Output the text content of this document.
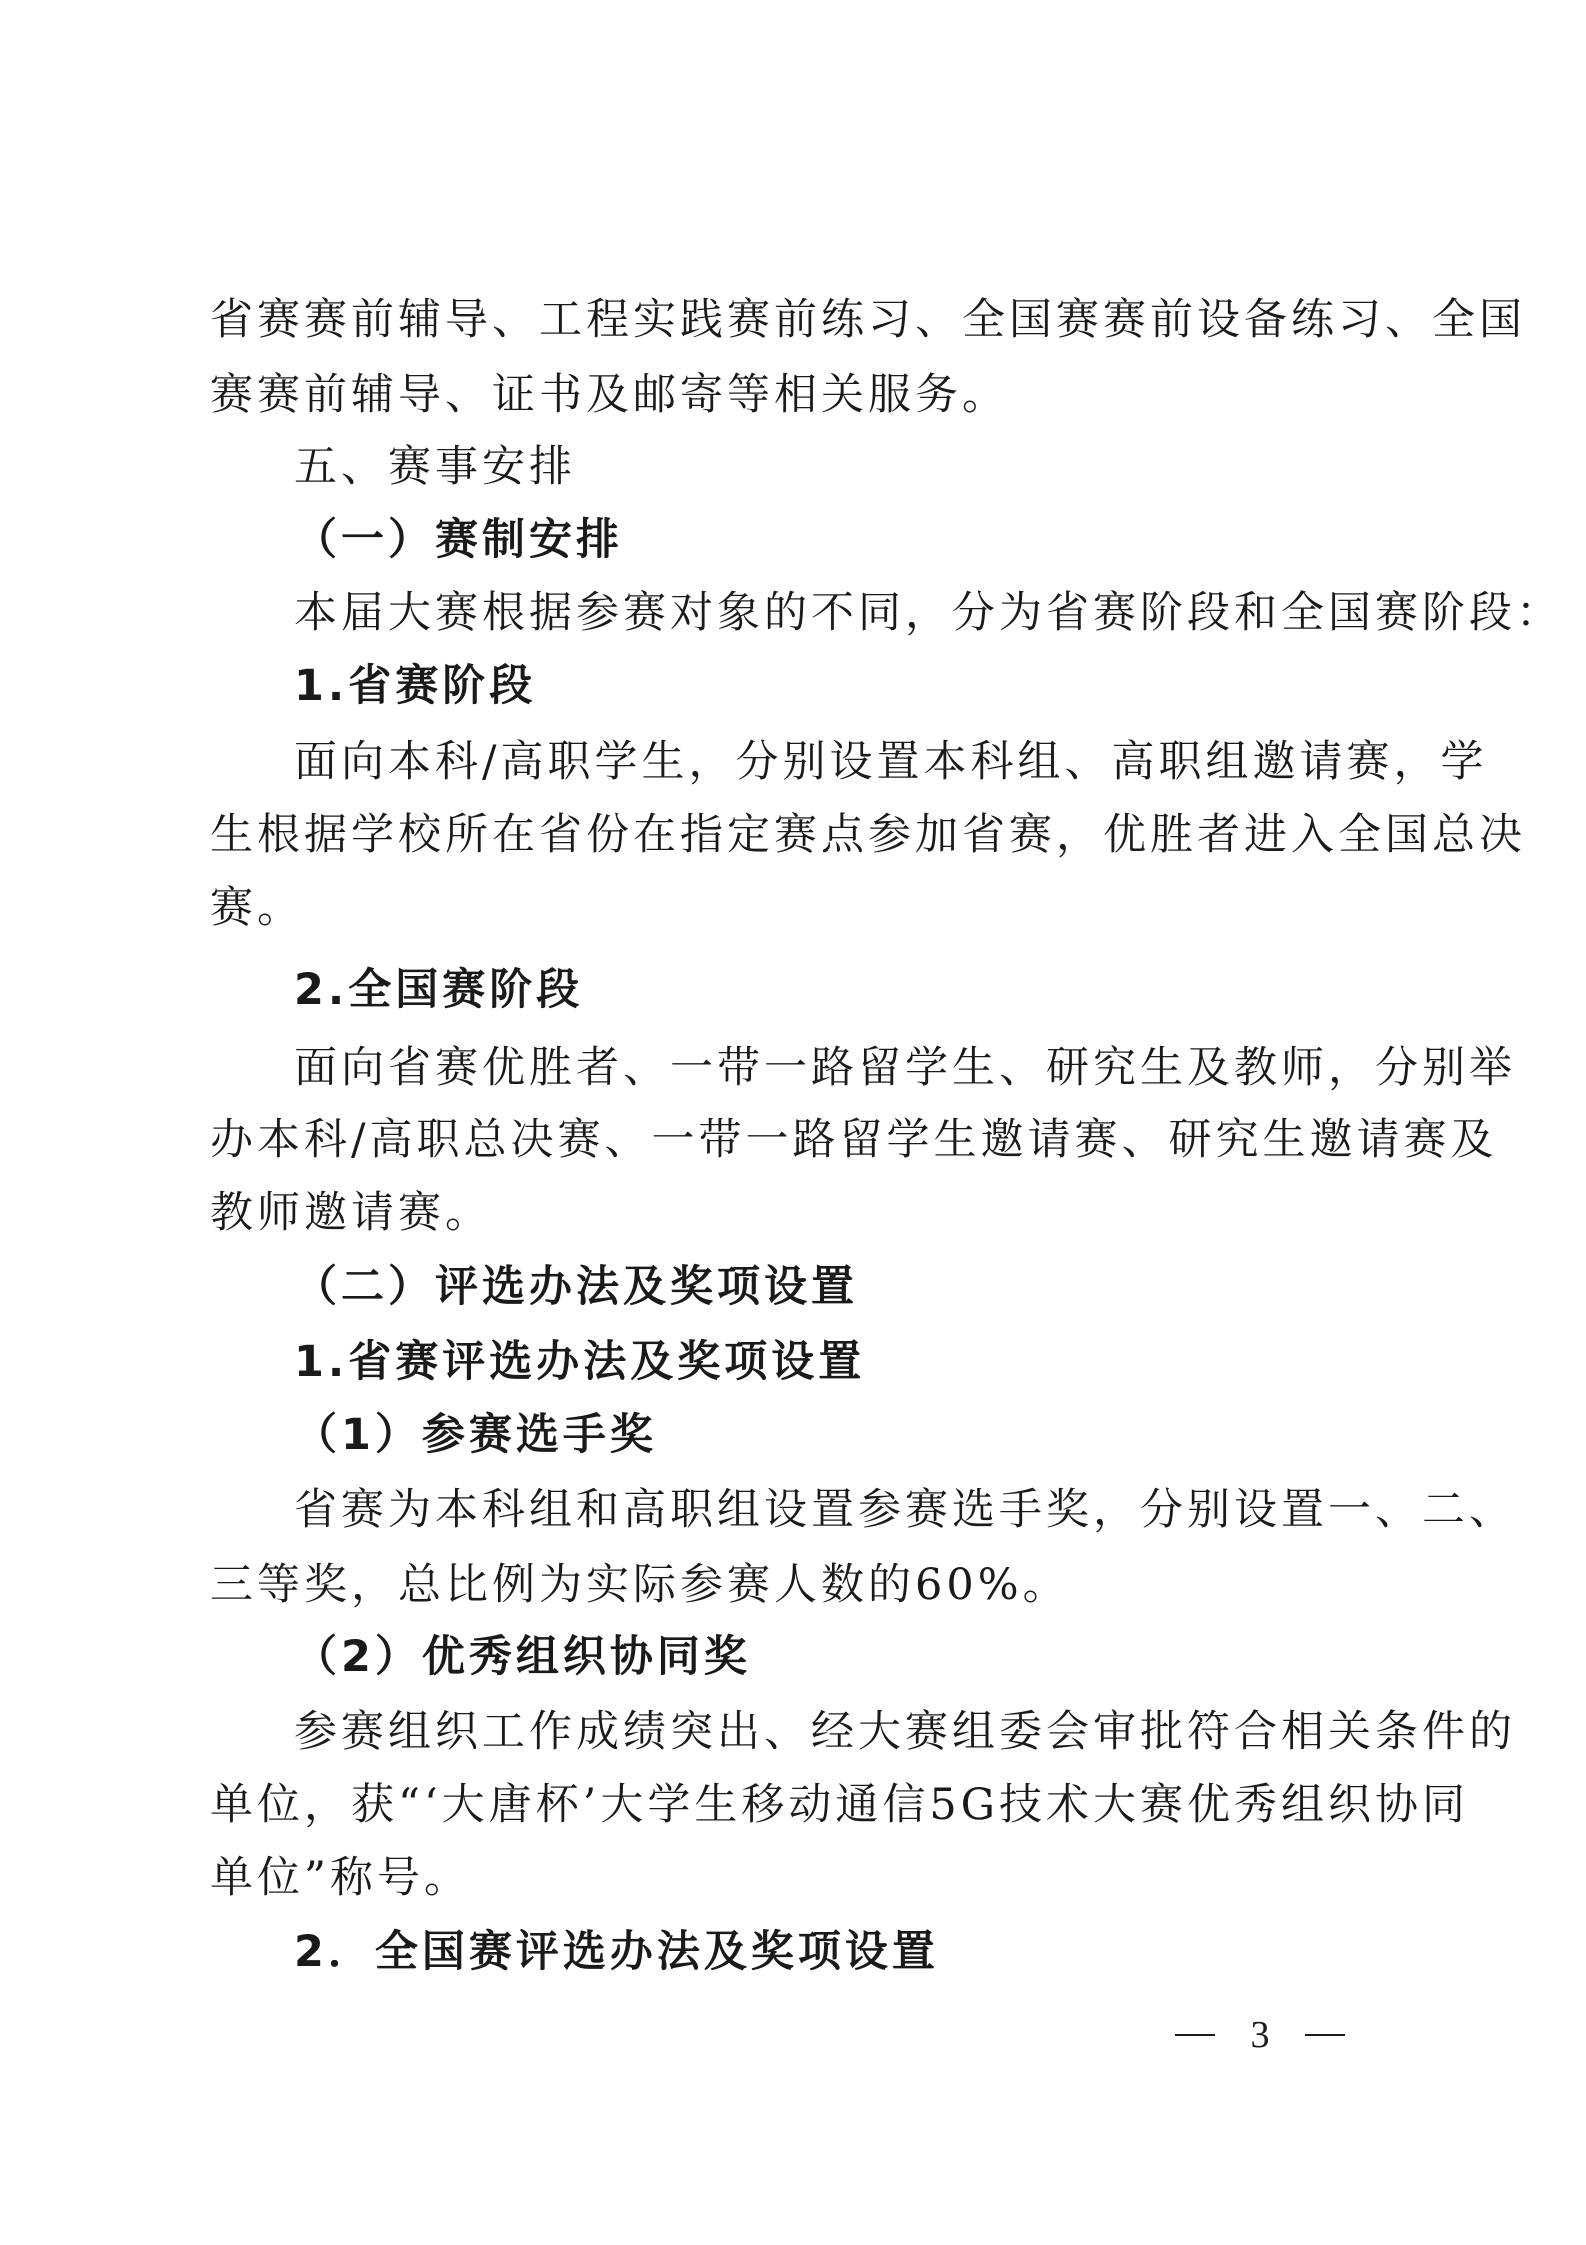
省赛赛前辅导、工程实践赛前练习、全国赛赛前设备练习、全国
赛赛前辅导、证书及邮寄等相关服务。
五、赛事安排
（一）赛制安排
本届大赛根据参赛对象的不同，分为省赛阶段和全国赛阶段：
1.省赛阶段
面向本科/高职学生，分别设置本科组、高职组邀请赛，学
生根据学校所在省份在指定赛点参加省赛，优胜者进入全国总决
赛。
2.全国赛阶段
面向省赛优胜者、一带一路留学生、研究生及教师，分别举
办本科/高职总决赛、一带一路留学生邀请赛、研究生邀请赛及
教师邀请赛。
（二）评选办法及奖项设置
1.省赛评选办法及奖项设置
（1）参赛选手奖
省赛为本科组和高职组设置参赛选手奖，分别设置一、二、
三等奖，总比例为实际参赛人数的60%。
（2）优秀组织协同奖
参赛组织工作成绩突出、经大赛组委会审批符合相关条件的
单位，获“‘大唐杯’大学生移动通信5G技术大赛优秀组织协同
单位”称号。
2．全国赛评选办法及奖项设置
3
